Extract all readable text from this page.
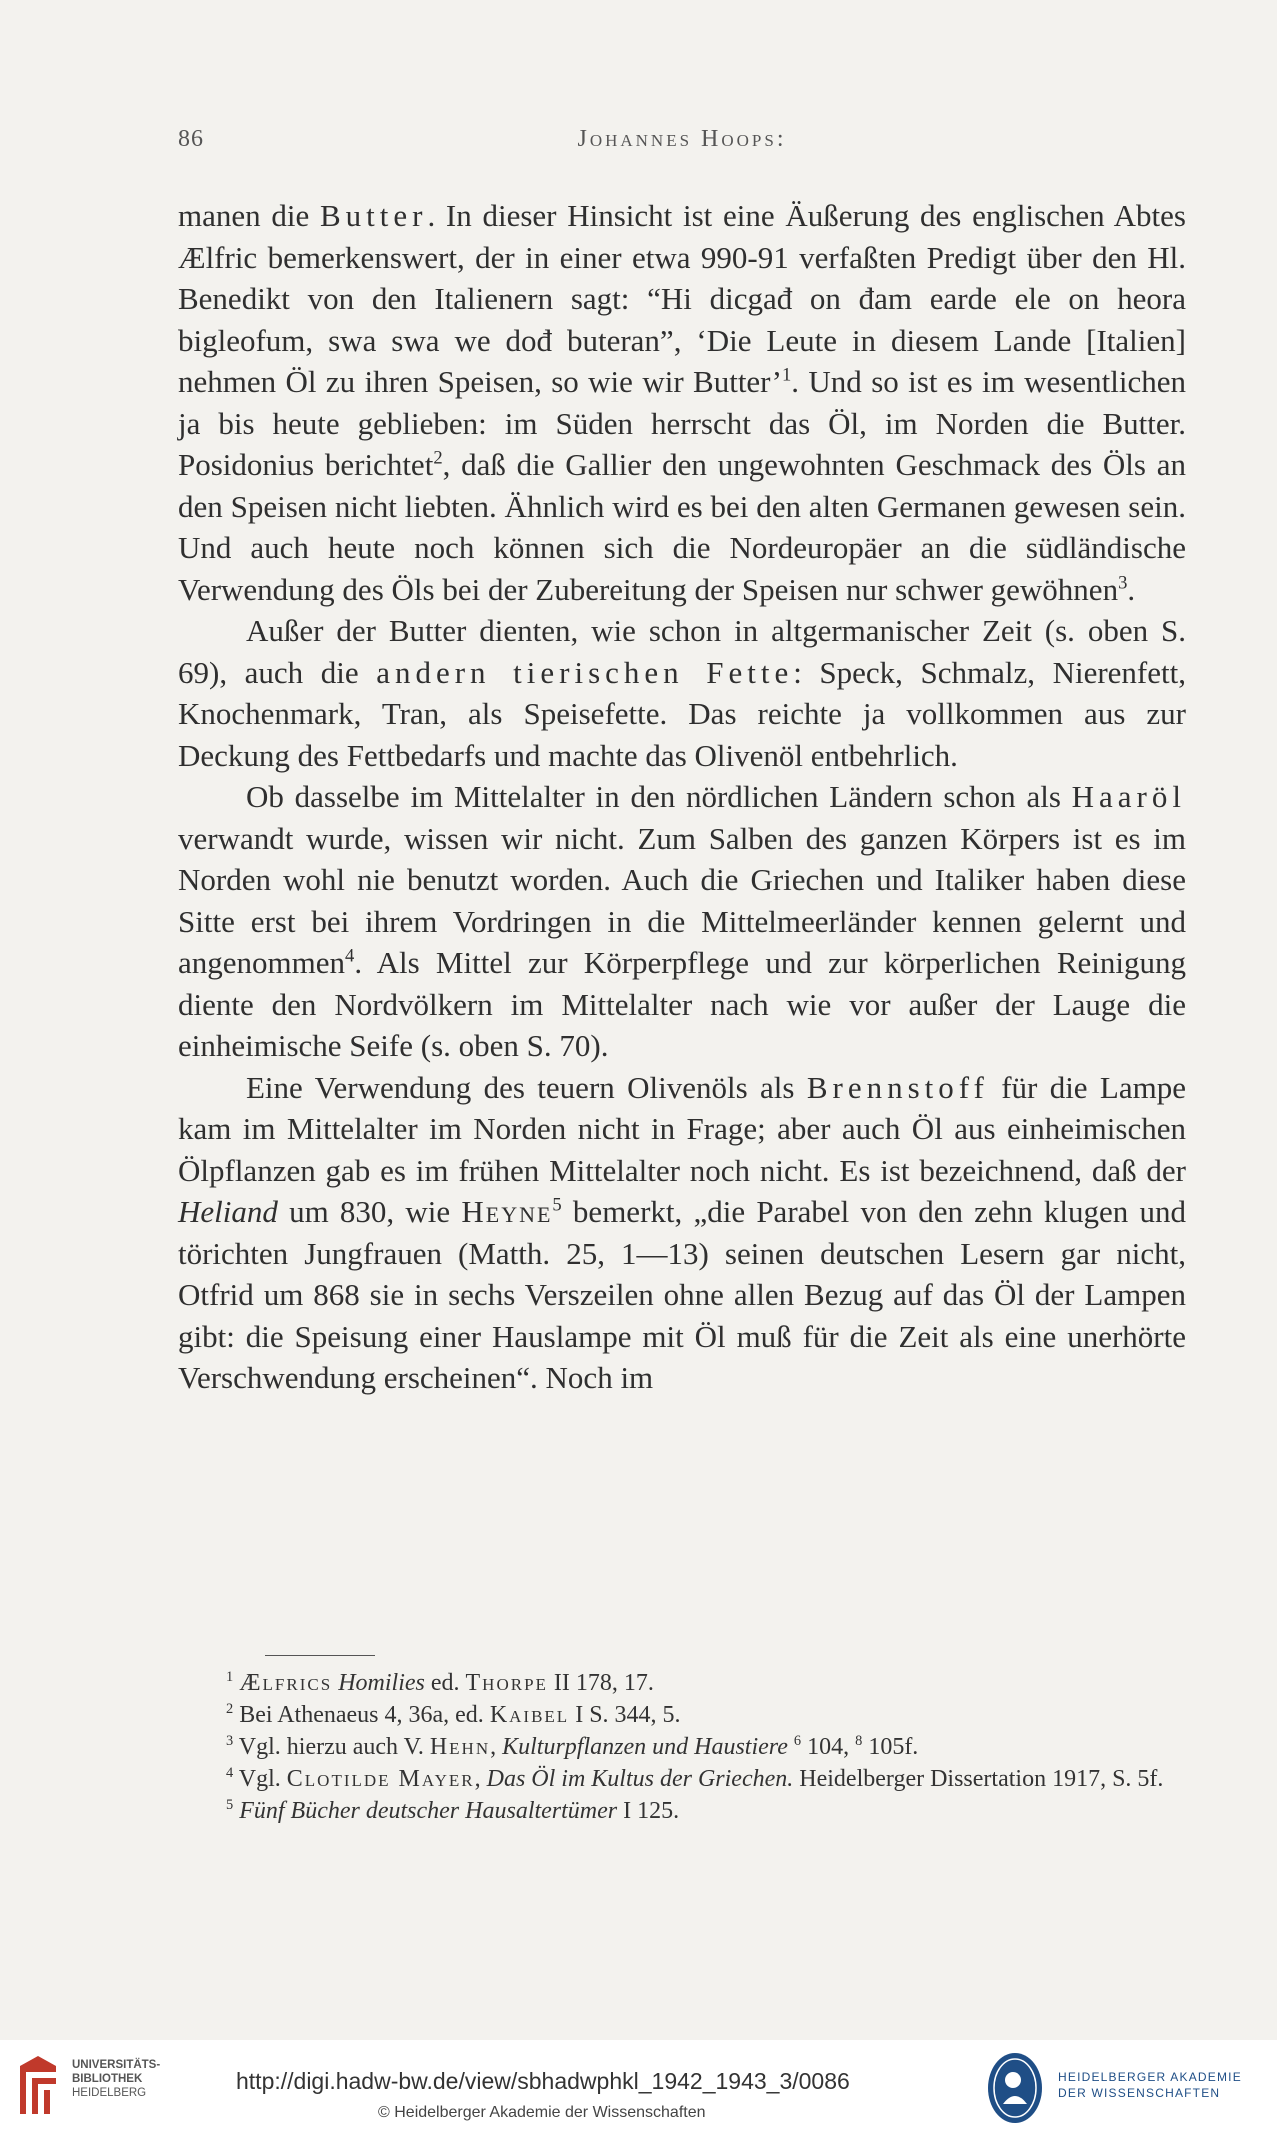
86	Johannes Hoops:

manen die Butter. In dieser Hinsicht ist eine Äußerung des englischen Abtes Ælfric bemerkenswert, der in einer etwa 990-91 verfaßten Predigt über den Hl. Benedikt von den Italienern sagt: “Hi dicgađ on đam earde ele on heora bigleofum, swa swa we dođ buteran”, ‘Die Leute in diesem Lande [Italien] nehmen Öl zu ihren Speisen, so wie wir Butter’$^1$. Und so ist es im wesentlichen ja bis heute geblieben: im Süden herrscht das Öl, im Norden die Butter. Posidonius berichtet$^2$, daß die Gallier den ungewohnten Geschmack des Öls an den Speisen nicht liebten. Ähnlich wird es bei den alten Germanen gewesen sein. Und auch heute noch können sich die Nordeuropäer an die südländische Verwendung des Öls bei der Zubereitung der Speisen nur schwer gewöhnen$^3$.

Außer der Butter dienten, wie schon in altgermanischer Zeit (s. oben S. 69), auch die andern tierischen Fette: Speck, Schmalz, Nierenfett, Knochenmark, Tran, als Speisefette. Das reichte ja vollkommen aus zur Deckung des Fettbedarfs und machte das Olivenöl entbehrlich.

Ob dasselbe im Mittelalter in den nördlichen Ländern schon als Haaröl verwandt wurde, wissen wir nicht. Zum Salben des ganzen Körpers ist es im Norden wohl nie benutzt worden. Auch die Griechen und Italiker haben diese Sitte erst bei ihrem Vordringen in die Mittelmeerländer kennen gelernt und angenommen$^4$. Als Mittel zur Körperpflege und zur körperlichen Reinigung diente den Nordvölkern im Mittelalter nach wie vor außer der Lauge die einheimische Seife (s. oben S. 70).

Eine Verwendung des teuern Olivenöls als Brennstoff für die Lampe kam im Mittelalter im Norden nicht in Frage; aber auch Öl aus einheimischen Ölpflanzen gab es im frühen Mittelalter noch nicht. Es ist bezeichnend, daß der Heliand um 830, wie Heyne$^5$ bemerkt, „die Parabel von den zehn klugen und törichten Jungfrauen (Matth. 25, 1—13) seinen deutschen Lesern gar nicht, Otfrid um 868 sie in sechs Verszeilen ohne allen Bezug auf das Öl der Lampen gibt: die Speisung einer Hauslampe mit Öl muß für die Zeit als eine unerhörte Verschwendung erscheinen“. Noch im

$^1$ Ælfrics Homilies ed. Thorpe II 178, 17.

$^2$ Bei Athenaeus 4, 36a, ed. Kaibel I S. 344, 5.

$^3$ Vgl. hierzu auch V. Hehn, Kulturpflanzen und Haustiere $^6$ 104, $^8$ 105f.

$^4$ Vgl. Clotilde Mayer, Das Öl im Kultus der Griechen. Heidelberger Dissertation 1917, S. 5f.

$^5$ Fünf Bücher deutscher Hausaltertümer I 125.

UNIVERSITÄTS-
BIBLIOTHEK
HEIDELBERG	http://digi.hadw-bw.de/view/sbhadwphkl_1942_1943_3/0086
© Heidelberger Akademie der Wissenschaften
HEIDELBERGER AKADEMIE
DER WISSENSCHAFTEN
